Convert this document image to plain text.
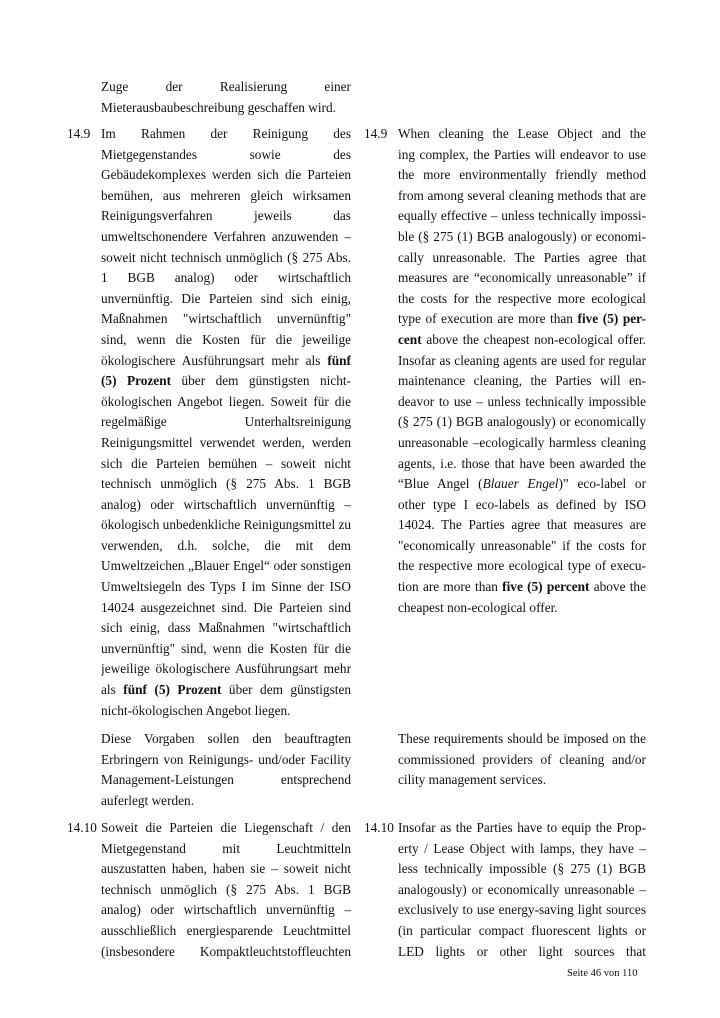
Zuge der Realisierung einer
Mieterausbaubeschreibung geschaffen wird.
14.9 Im Rahmen der Reinigung des
Mietgegenstandes sowie des
Gebäudekomplexes werden sich die Parteien
bemühen, aus mehreren gleich wirksamen
Reinigungsverfahren jeweils das
umweltschonendere Verfahren anzuwenden –
soweit nicht technisch unmöglich (§ 275 Abs.
1 BGB analog) oder wirtschaftlich
unvernünftig. Die Parteien sind sich einig,
Maßnahmen "wirtschaftlich unvernünftig"
sind, wenn die Kosten für die jeweilige
ökologischere Ausführungsart mehr als fünf
(5) Prozent über dem günstigsten nicht-
ökologischen Angebot liegen. Soweit für die
regelmäßige Unterhaltsreinigung
Reinigungsmittel verwendet werden, werden
sich die Parteien bemühen – soweit nicht
technisch unmöglich (§ 275 Abs. 1 BGB
analog) oder wirtschaftlich unvernünftig –
ökologisch unbedenkliche Reinigungsmittel zu
verwenden, d.h. solche, die mit dem
Umweltzeichen „Blauer Engel“ oder sonstigen
Umweltsiegeln des Typs I im Sinne der ISO
14024 ausgezeichnet sind. Die Parteien sind
sich einig, dass Maßnahmen "wirtschaftlich
unvernünftig" sind, wenn die Kosten für die
jeweilige ökologischere Ausführungsart mehr
als fünf (5) Prozent über dem günstigsten
nicht-ökologischen Angebot liegen.
Diese Vorgaben sollen den beauftragten
Erbringern von Reinigungs- und/oder Facility
Management-Leistungen entsprechend
auferlegt werden.
14.10 Soweit die Parteien die Liegenschaft / den
Mietgegenstand mit Leuchtmitteln
auszustatten haben, haben sie – soweit nicht
technisch unmöglich (§ 275 Abs. 1 BGB
analog) oder wirtschaftlich unvernünftig –
ausschließlich energiesparende Leuchtmittel
(insbesondere Kompaktleuchtstofflеuchten
14.9 When cleaning the Lease Object and the
ing complex, the Parties will endeavor to use
the more environmentally friendly method
from among several cleaning methods that are
equally effective – unless technically impossi-
ble (§ 275 (1) BGB analogously) or economi-
cally unreasonable. The Parties agree that
measures are “economically unreasonable” if
the costs for the respective more ecological
type of execution are more than five (5) per-
cent above the cheapest non-ecological offer.
Insofar as cleaning agents are used for regular
maintenance cleaning, the Parties will en-
deavor to use – unless technically impossible
(§ 275 (1) BGB analogously) or economically
unreasonable –ecologically harmless cleaning
agents, i.e. those that have been awarded the
“Blue Angel (Blauer Engel)” eco-label or
other type I eco-labels as defined by ISO
14024. The Parties agree that measures are
"economically unreasonable" if the costs for
the respective more ecological type of execu-
tion are more than five (5) percent above the
cheapest non-ecological offer.
These requirements should be imposed on the
commissioned providers of cleaning and/or
cility management services.
14.10 Insofar as the Parties have to equip the Prop-
erty / Lease Object with lamps, they have –
less technically impossible (§ 275 (1) BGB
analogously) or economically unreasonable –
exclusively to use energy-saving light sources
(in particular compact fluorescent lights or
LED lights or other light sources that
Seite 46 von 110
